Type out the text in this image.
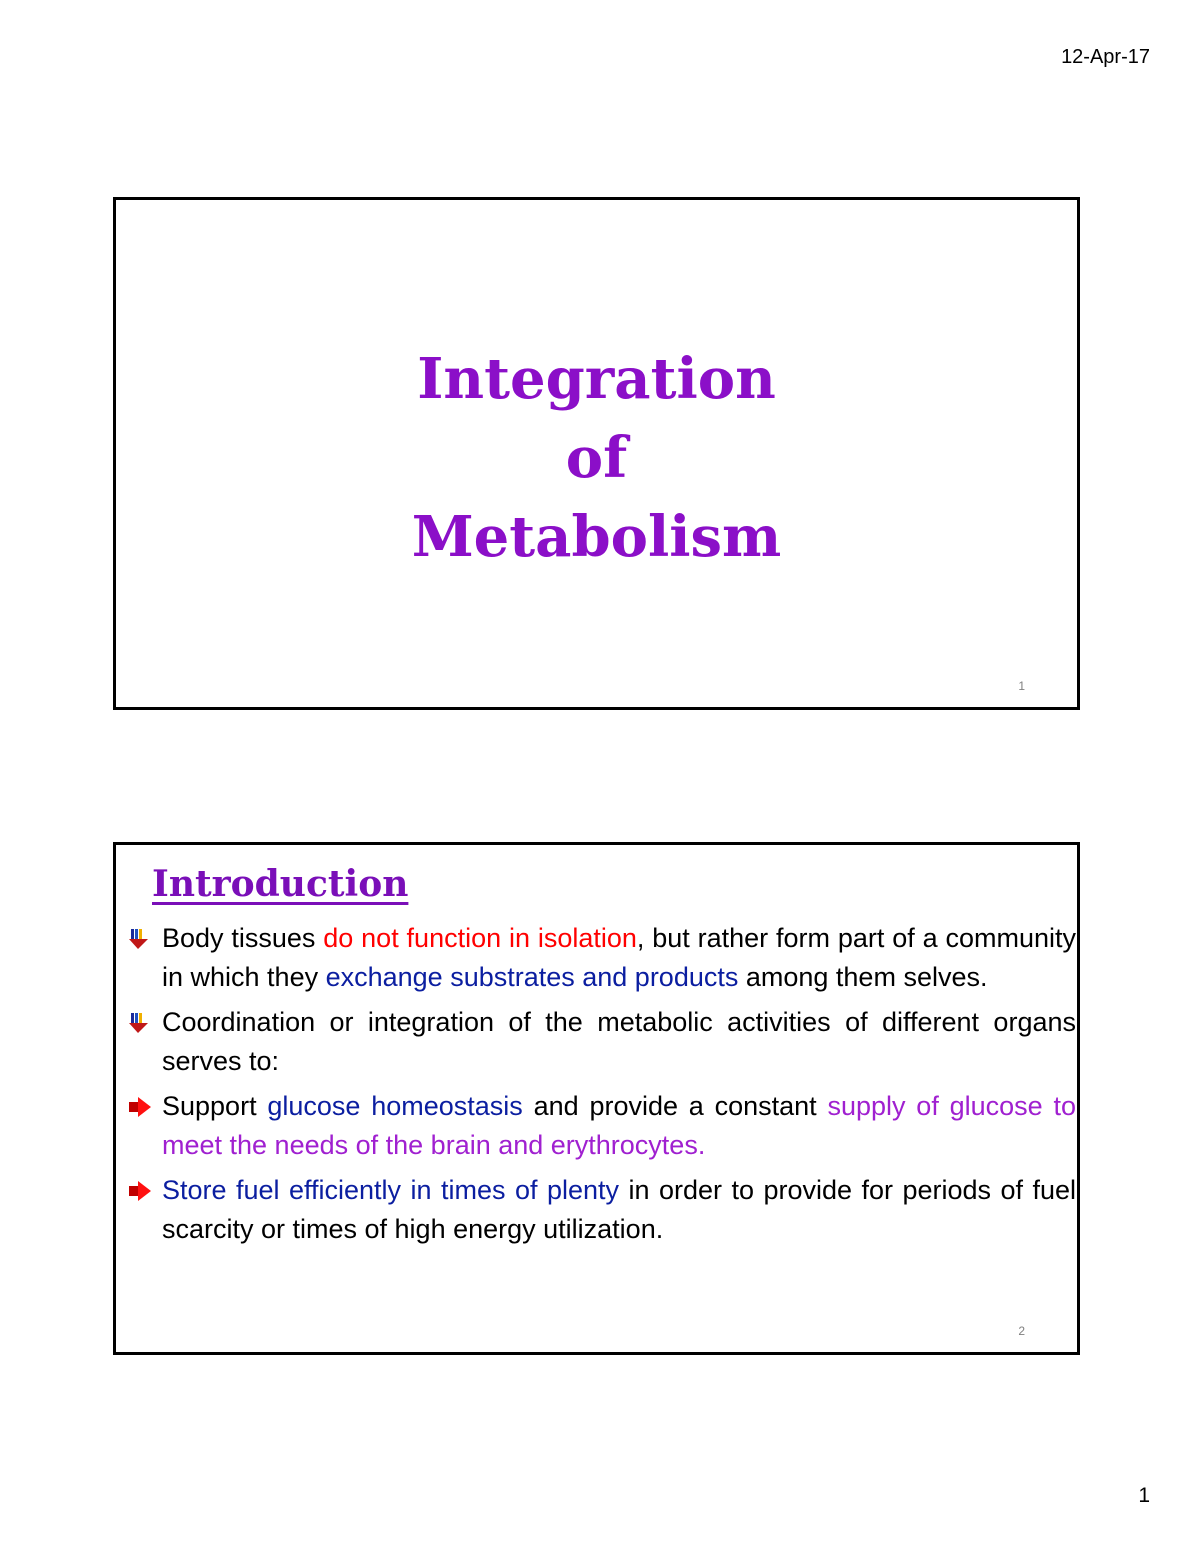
12-Apr-17
Integration
of
Metabolism
1
Introduction
Body tissues do not function in isolation, but rather form part of a community in which they exchange substrates and products among them selves.
Coordination or integration of the metabolic activities of different organs serves to:
Support glucose homeostasis and provide a constant supply of glucose to meet the needs of the brain and erythrocytes.
Store fuel efficiently in times of plenty in order to provide for periods of fuel scarcity or times of high energy utilization.
2
1
